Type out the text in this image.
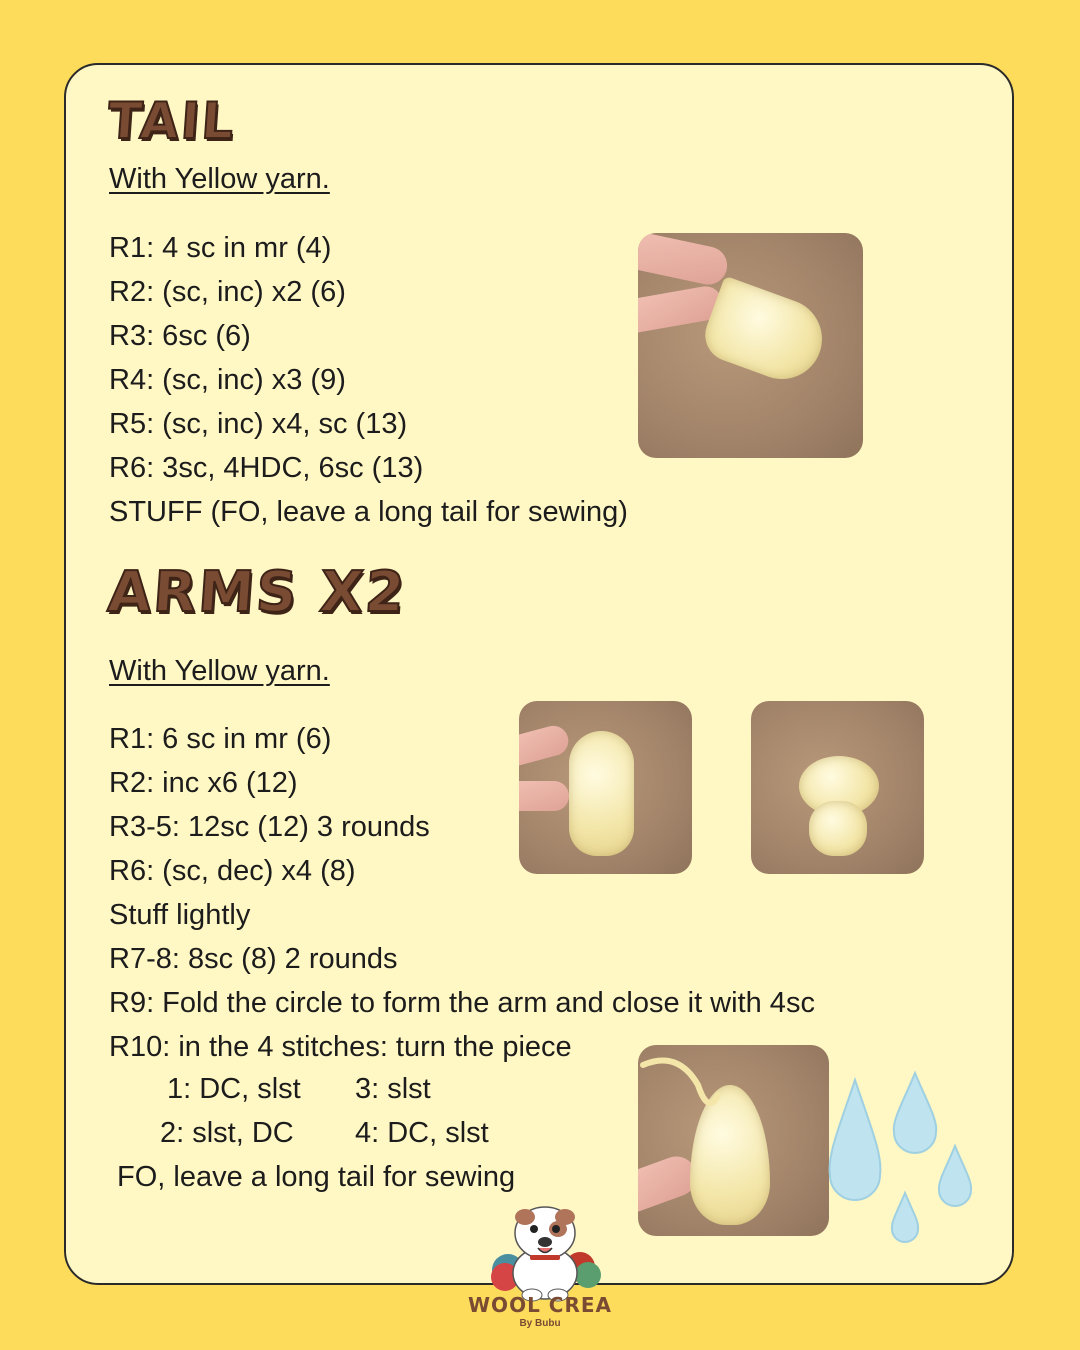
TAIL
With Yellow yarn.
R1: 4 sc in mr (4)
R2: (sc, inc) x2 (6)
R3: 6sc (6)
R4: (sc, inc) x3 (9)
R5: (sc, inc) x4, sc (13)
R6: 3sc, 4HDC, 6sc (13)
STUFF (FO, leave a long tail for sewing)
ARMS X2
With Yellow yarn.
R1: 6 sc in mr (6)
R2: inc x6 (12)
R3-5: 12sc (12) 3 rounds
R6: (sc, dec) x4 (8)
Stuff lightly
R7-8: 8sc (8) 2 rounds
R9: Fold the circle to form the arm and close it with 4sc
R10: in the 4 stitches: turn the piece
1: DC, slst 3: slst
2: slst, DC 4: DC, slst
FO, leave a long tail for sewing
WOOL CREA
By Bubu
